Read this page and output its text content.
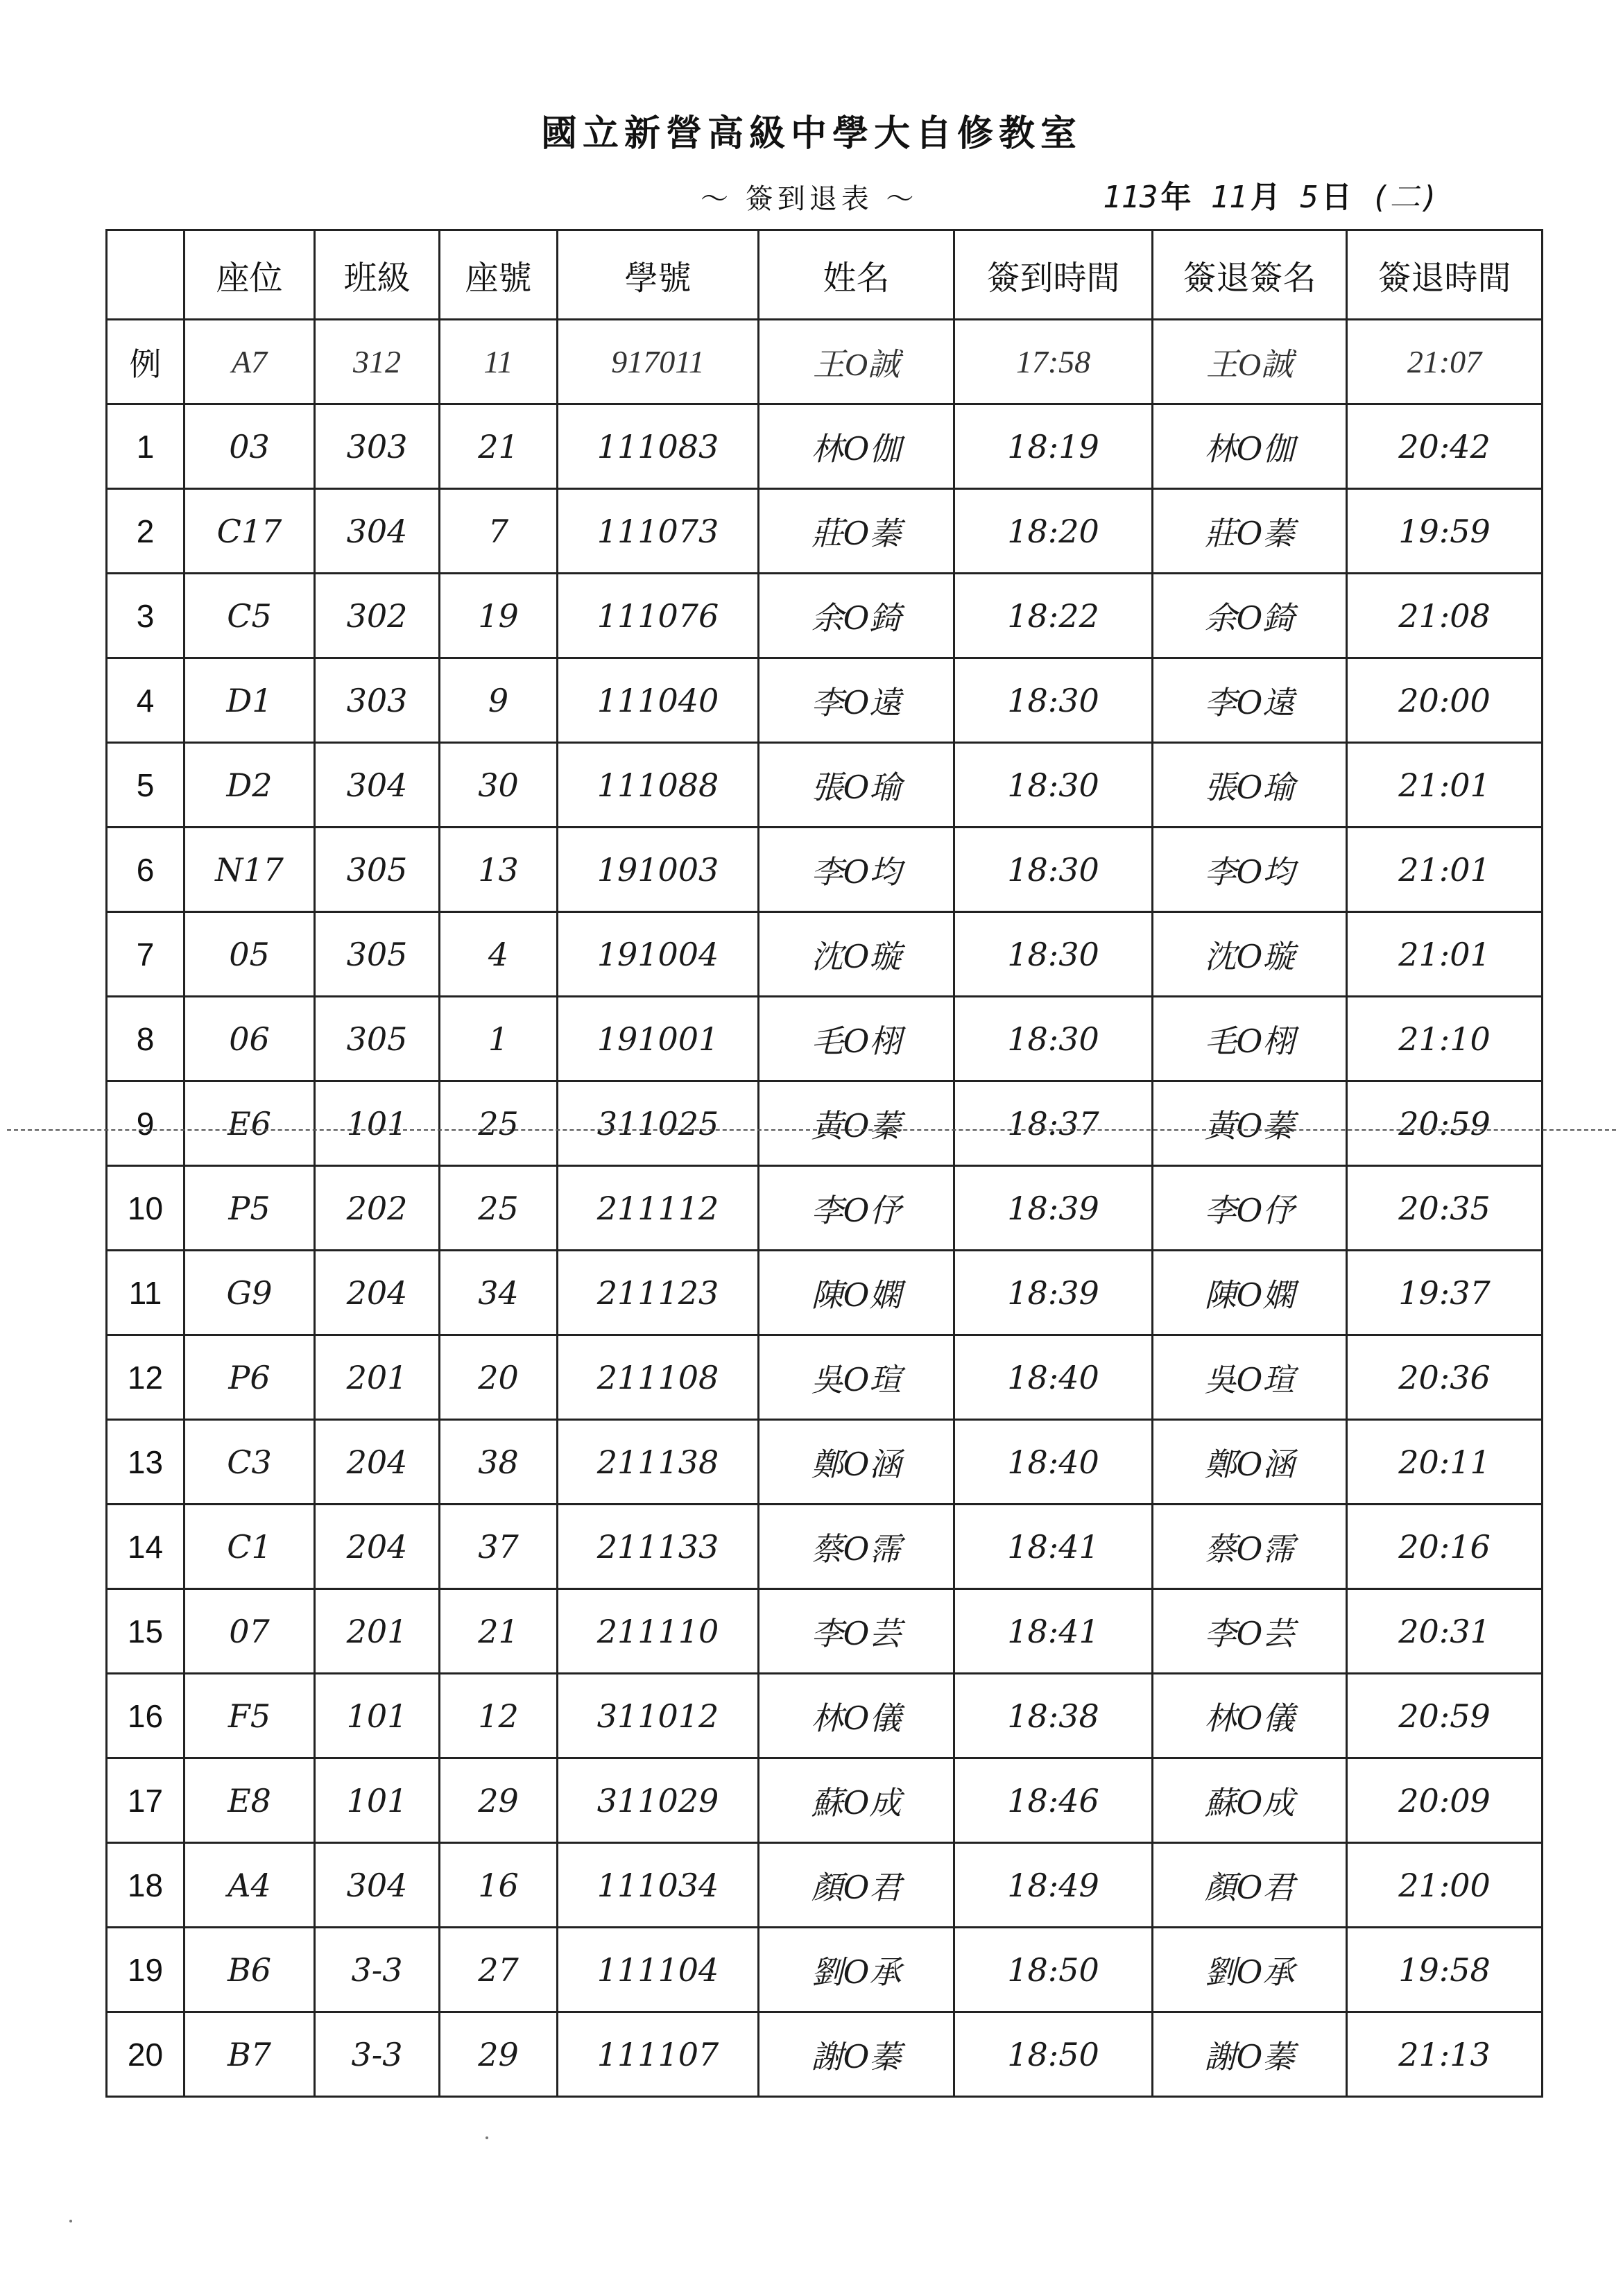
國立新營高級中學大自修教室
～ 簽到退表 ～	113年 11月 5日 (二)
	座位	班級	座號	學號	姓名	簽到時間	簽退簽名	簽退時間
例	A7	312	11	917011	王O誠	17:58	王O誠	21:07
1	03	303	21	111083	林O伽	18:19	林O伽	20:42
2	C17	304	7	111073	莊O蓁	18:20	莊O蓁	19:59
3	C5	302	19	111076	余O錡	18:22	余O錡	21:08
4	D1	303	9	111040	李O遠	18:30	李O遠	20:00
5	D2	304	30	111088	張O瑜	18:30	張O瑜	21:01
6	N17	305	13	191003	李O均	18:30	李O均	21:01
7	05	305	4	191004	沈O璇	18:30	沈O璇	21:01
8	06	305	1	191001	毛O栩	18:30	毛O栩	21:10
9	E6	101	25	311025	黃O蓁	18:37	黃O蓁	20:59
10	P5	202	25	211112	李O伃	18:39	李O伃	20:35
11	G9	204	34	211123	陳O嫻	18:39	陳O嫻	19:37
12	P6	201	20	211108	吳O瑄	18:40	吳O瑄	20:36
13	C3	204	38	211138	鄭O涵	18:40	鄭O涵	20:11
14	C1	204	37	211133	蔡O霈	18:41	蔡O霈	20:16
15	07	201	21	211110	李O芸	18:41	李O芸	20:31
16	F5	101	12	311012	林O儀	18:38	林O儀	20:59
17	E8	101	29	311029	蘇O成	18:46	蘇O成	20:09
18	A4	304	16	111034	顏O君	18:49	顏O君	21:00
19	B6	3-3	27	111104	劉O承	18:50	劉O承	19:58
20	B7	3-3	29	111107	謝O蓁	18:50	謝O蓁	21:13
